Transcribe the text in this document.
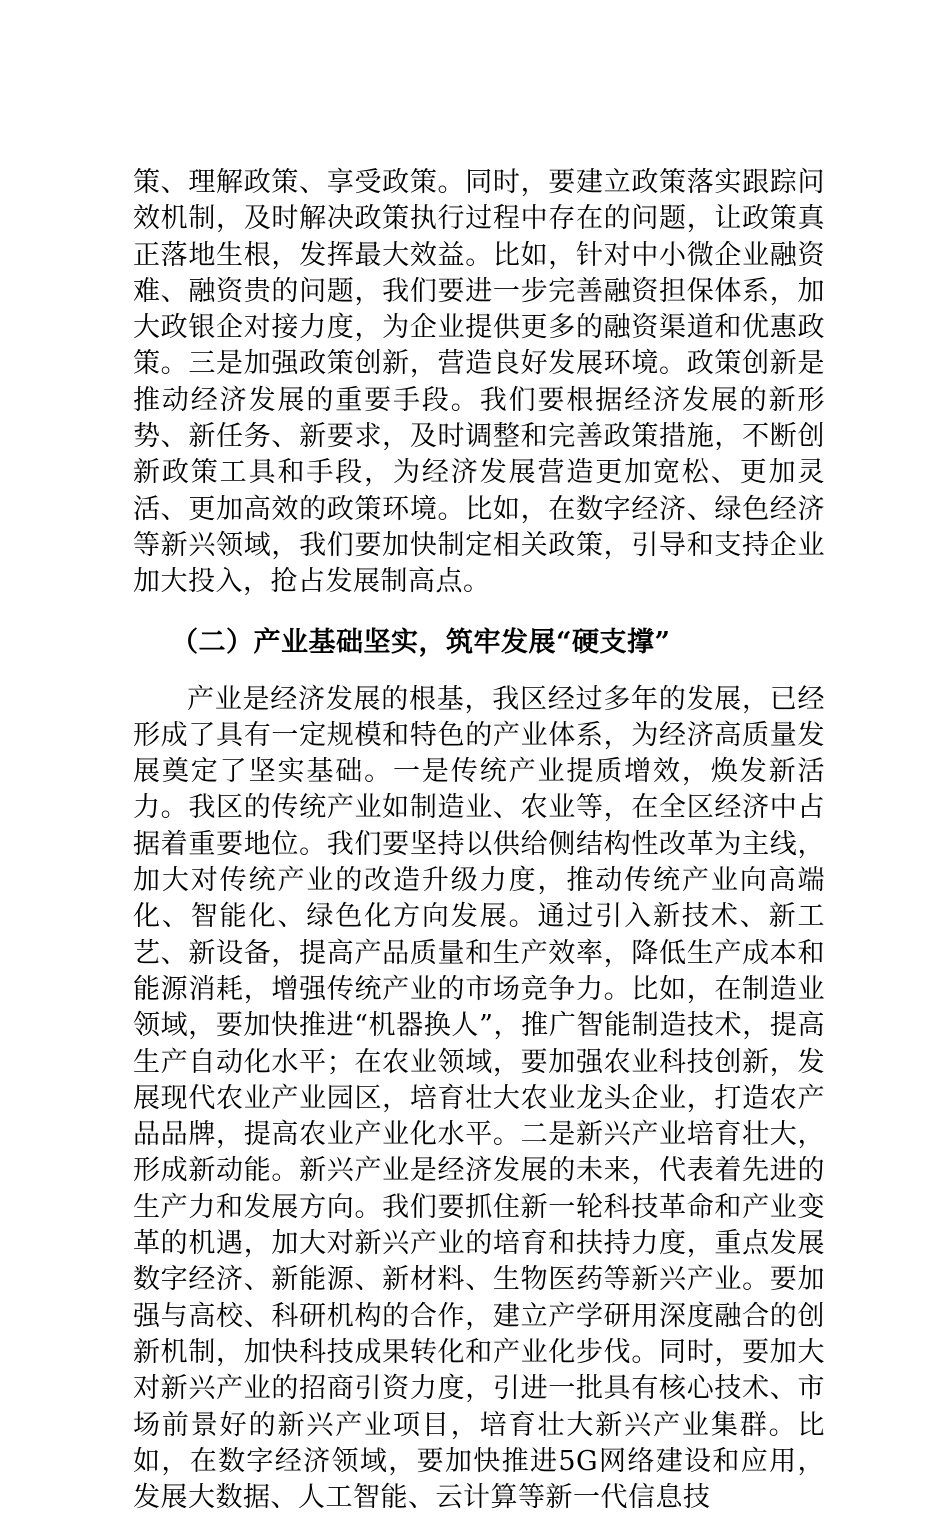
策、理解政策、享受政策。同时，要建立政策落实跟踪问效机制，及时解决政策执行过程中存在的问题，让政策真正落地生根，发挥最大效益。比如，针对中小微企业融资难、融资贵的问题，我们要进一步完善融资担保体系，加大政银企对接力度，为企业提供更多的融资渠道和优惠政策。三是加强政策创新，营造良好发展环境。政策创新是推动经济发展的重要手段。我们要根据经济发展的新形势、新任务、新要求，及时调整和完善政策措施，不断创新政策工具和手段，为经济发展营造更加宽松、更加灵活、更加高效的政策环境。比如，在数字经济、绿色经济等新兴领域，我们要加快制定相关政策，引导和支持企业加大投入，抢占发展制高点。

（二）产业基础坚实，筑牢发展“硬支撑”

产业是经济发展的根基，我区经过多年的发展，已经形成了具有一定规模和特色的产业体系，为经济高质量发展奠定了坚实基础。一是传统产业提质增效，焕发新活力。我区的传统产业如制造业、农业等，在全区经济中占据着重要地位。我们要坚持以供给侧结构性改革为主线，加大对传统产业的改造升级力度，推动传统产业向高端化、智能化、绿色化方向发展。通过引入新技术、新工艺、新设备，提高产品质量和生产效率，降低生产成本和能源消耗，增强传统产业的市场竞争力。比如，在制造业领域，要加快推进“机器换人”，推广智能制造技术，提高生产自动化水平；在农业领域，要加强农业科技创新，发展现代农业产业园区，培育壮大农业龙头企业，打造农产品品牌，提高农业产业化水平。二是新兴产业培育壮大，形成新动能。新兴产业是经济发展的未来，代表着先进的生产力和发展方向。我们要抓住新一轮科技革命和产业变革的机遇，加大对新兴产业的培育和扶持力度，重点发展数字经济、新能源、新材料、生物医药等新兴产业。要加强与高校、科研机构的合作，建立产学研用深度融合的创新机制，加快科技成果转化和产业化步伐。同时，要加大对新兴产业的招商引资力度，引进一批具有核心技术、市场前景好的新兴产业项目，培育壮大新兴产业集群。比如，在数字经济领域，要加快推进5G网络建设和应用，发展大数据、人工智能、云计算等新一代信息技
